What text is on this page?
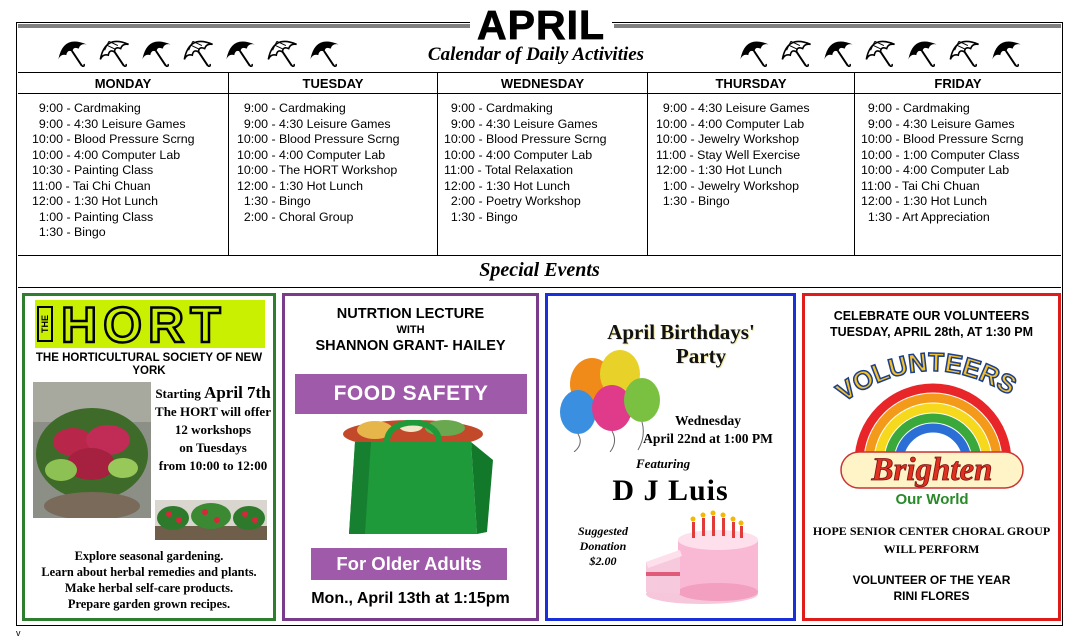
APRIL
Calendar of Daily Activities
MONDAY
9:00 - Cardmaking
9:00 - 4:30 Leisure Games
10:00 - Blood Pressure Scrng
10:00 - 4:00 Computer Lab
10:30 - Painting Class
11:00 - Tai Chi Chuan
12:00 - 1:30 Hot Lunch
1:00 - Painting Class
1:30 - Bingo
TUESDAY
9:00 - Cardmaking
9:00 - 4:30 Leisure Games
10:00 - Blood Pressure Scrng
10:00 - 4:00 Computer Lab
10:00 - The HORT Workshop
12:00 - 1:30 Hot Lunch
1:30 - Bingo
2:00 - Choral Group
WEDNESDAY
9:00 - Cardmaking
9:00 - 4:30 Leisure Games
10:00 - Blood Pressure Scrng
10:00 - 4:00 Computer Lab
11:00 - Total Relaxation
12:00 - 1:30 Hot Lunch
2:00 - Poetry Workshop
1:30 - Bingo
THURSDAY
9:00 - 4:30 Leisure Games
10:00 - 4:00 Computer Lab
10:00 - Jewelry Workshop
11:00 - Stay Well Exercise
12:00 - 1:30 Hot Lunch
1:00 - Jewelry Workshop
1:30 - Bingo
FRIDAY
9:00 - Cardmaking
9:00 - 4:30 Leisure Games
10:00 - Blood Pressure Scrng
10:00 - 1:00 Computer Class
10:00 - 4:00 Computer Lab
11:00 - Tai Chi Chuan
12:00 - 1:30 Hot Lunch
1:30 - Art Appreciation
Special Events
THE HORT
THE HORTICULTURAL SOCIETY OF NEW YORK
Starting April 7th
The HORT will offer
12 workshops
on Tuesdays
from 10:00 to 12:00
Explore seasonal gardening.
Learn about herbal remedies and plants.
Make herbal self-care products.
Prepare garden grown recipes.
NUTRTION LECTURE
WITH
SHANNON GRANT- HAILEY
FOOD SAFETY
For Older Adults
Mon., April 13th at 1:15pm
April Birthdays'
Party
Wednesday
April 22nd at 1:00 PM
Featuring
D J Luis
Suggested
Donation
$2.00
CELEBRATE OUR VOLUNTEERS
TUESDAY, APRIL 28th, AT 1:30 PM
VOLUNTEERS
Brighten
Our World
HOPE SENIOR CENTER CHORAL GROUP
WILL PERFORM
VOLUNTEER OF THE YEAR
RINI FLORES
v
